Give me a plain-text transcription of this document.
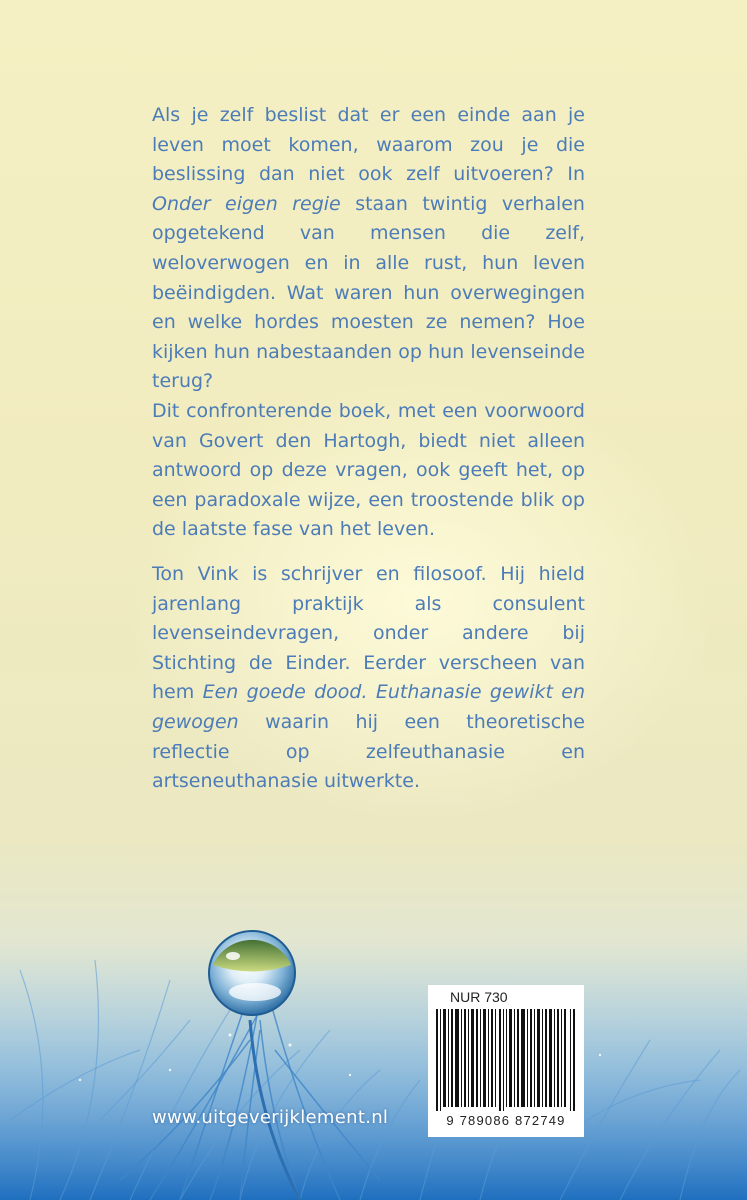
Als je zelf beslist dat er een einde aan je leven moet komen, waarom zou je die beslissing dan niet ook zelf uitvoeren? In Onder eigen regie staan twintig verhalen opgetekend van mensen die zelf, weloverwogen en in alle rust, hun leven beëindigden. Wat waren hun overwegingen en welke hordes moesten ze nemen? Hoe kijken hun nabestaanden op hun levenseinde terug?
Dit confronterende boek, met een voorwoord van Govert den Hartogh, biedt niet alleen antwoord op deze vragen, ook geeft het, op een paradoxale wijze, een troostende blik op de laatste fase van het leven.

Ton Vink is schrijver en filosoof. Hij hield jarenlang praktijk als consulent levenseindevragen, onder andere bij Stichting de Einder. Eerder verscheen van hem Een goede dood. Euthanasie gewikt en gewogen waarin hij een theoretische reflectie op zelfeuthanasie en artseneuthanasie uitwerkte.

www.uitgeverijklement.nl
NUR 730
9 789086 872749
